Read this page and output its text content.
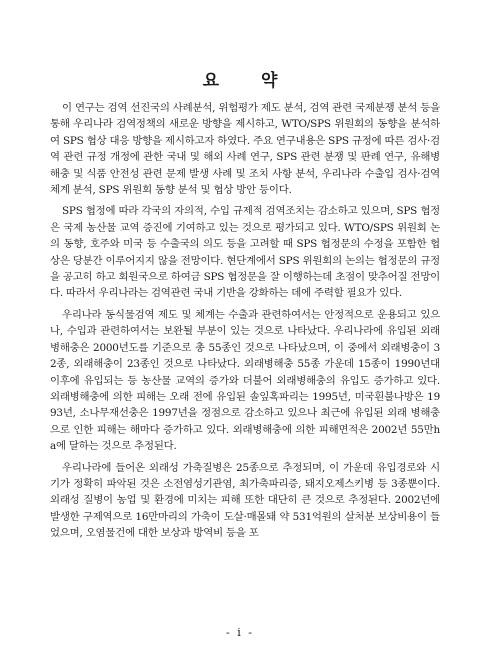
요 약

이 연구는 검역 선진국의 사례분석, 위험평가 제도 분석, 검역 관련 국제분쟁 분석 등을 통해 우리나라 검역정책의 새로운 방향을 제시하고, WTO/SPS 위원회의 동향을 분석하여 SPS 협상 대응 방향을 제시하고자 하였다. 주요 연구내용은 SPS 규정에 따른 검사·검역 관련 규정 개정에 관한 국내 및 해외 사례 연구, SPS 관련 분쟁 및 판례 연구, 유해병해충 및 식품 안전성 관련 문제 발생 사례 및 조치 사항 분석, 우리나라 수출입 검사·검역 체계 분석, SPS 위원회 동향 분석 및 협상 방안 등이다.

SPS 협정에 따라 각국의 자의적, 수입 규제적 검역조치는 감소하고 있으며, SPS 협정은 국제 농산물 교역 증진에 기여하고 있는 것으로 평가되고 있다. WTO/SPS 위원회 논의 동향, 호주와 미국 등 수출국의 의도 등을 고려할 때 SPS 협정문의 수정을 포함한 협상은 당분간 이루어지지 않을 전망이다. 현단계에서 SPS 위원회의 논의는 협정문의 규정을 공고히 하고 회원국으로 하여금 SPS 협정문을 잘 이행하는데 초점이 맞추어질 전망이다. 따라서 우리나라는 검역관련 국내 기반을 강화하는 데에 주력할 필요가 있다.

우리나라 동식물검역 제도 및 체계는 수출과 관련하여서는 안정적으로 운용되고 있으나, 수입과 관련하여서는 보완될 부분이 있는 것으로 나타났다. 우리나라에 유입된 외래병해충은 2000년도를 기준으로 총 55종인 것으로 나타났으며, 이 중에서 외래병충이 32종, 외래해충이 23종인 것으로 나타났다. 외래병해충 55종 가운데 15종이 1990년대 이후에 유입되는 등 농산물 교역의 증가와 더불어 외래병해충의 유입도 증가하고 있다. 외래병해충에 의한 피해는 오래 전에 유입된 솔잎혹파리는 1995년, 미국흰불나방은 1993년, 소나무재선충은 1997년을 정점으로 감소하고 있으나 최근에 유입된 외래 병해충으로 인한 피해는 해마다 증가하고 있다. 외래병해충에 의한 피해면적은 2002년 55만ha에 달하는 것으로 추정된다.

우리나라에 들어온 외래성 가축질병은 25종으로 추정되며, 이 가운데 유입경로와 시기가 정확히 파악된 것은 소전염성기관염, 최가축파리증, 돼지오제스키병 등 3종뿐이다. 외래성 질병이 농업 및 환경에 미치는 피해 또한 대단히 큰 것으로 추정된다. 2002년에 발생한 구제역으로 16만마리의 가축이 도살·매몰돼 약 531억원의 살처분 보상비용이 들었으며, 오염물건에 대한 보상과 방역비 등을 포

- i -
